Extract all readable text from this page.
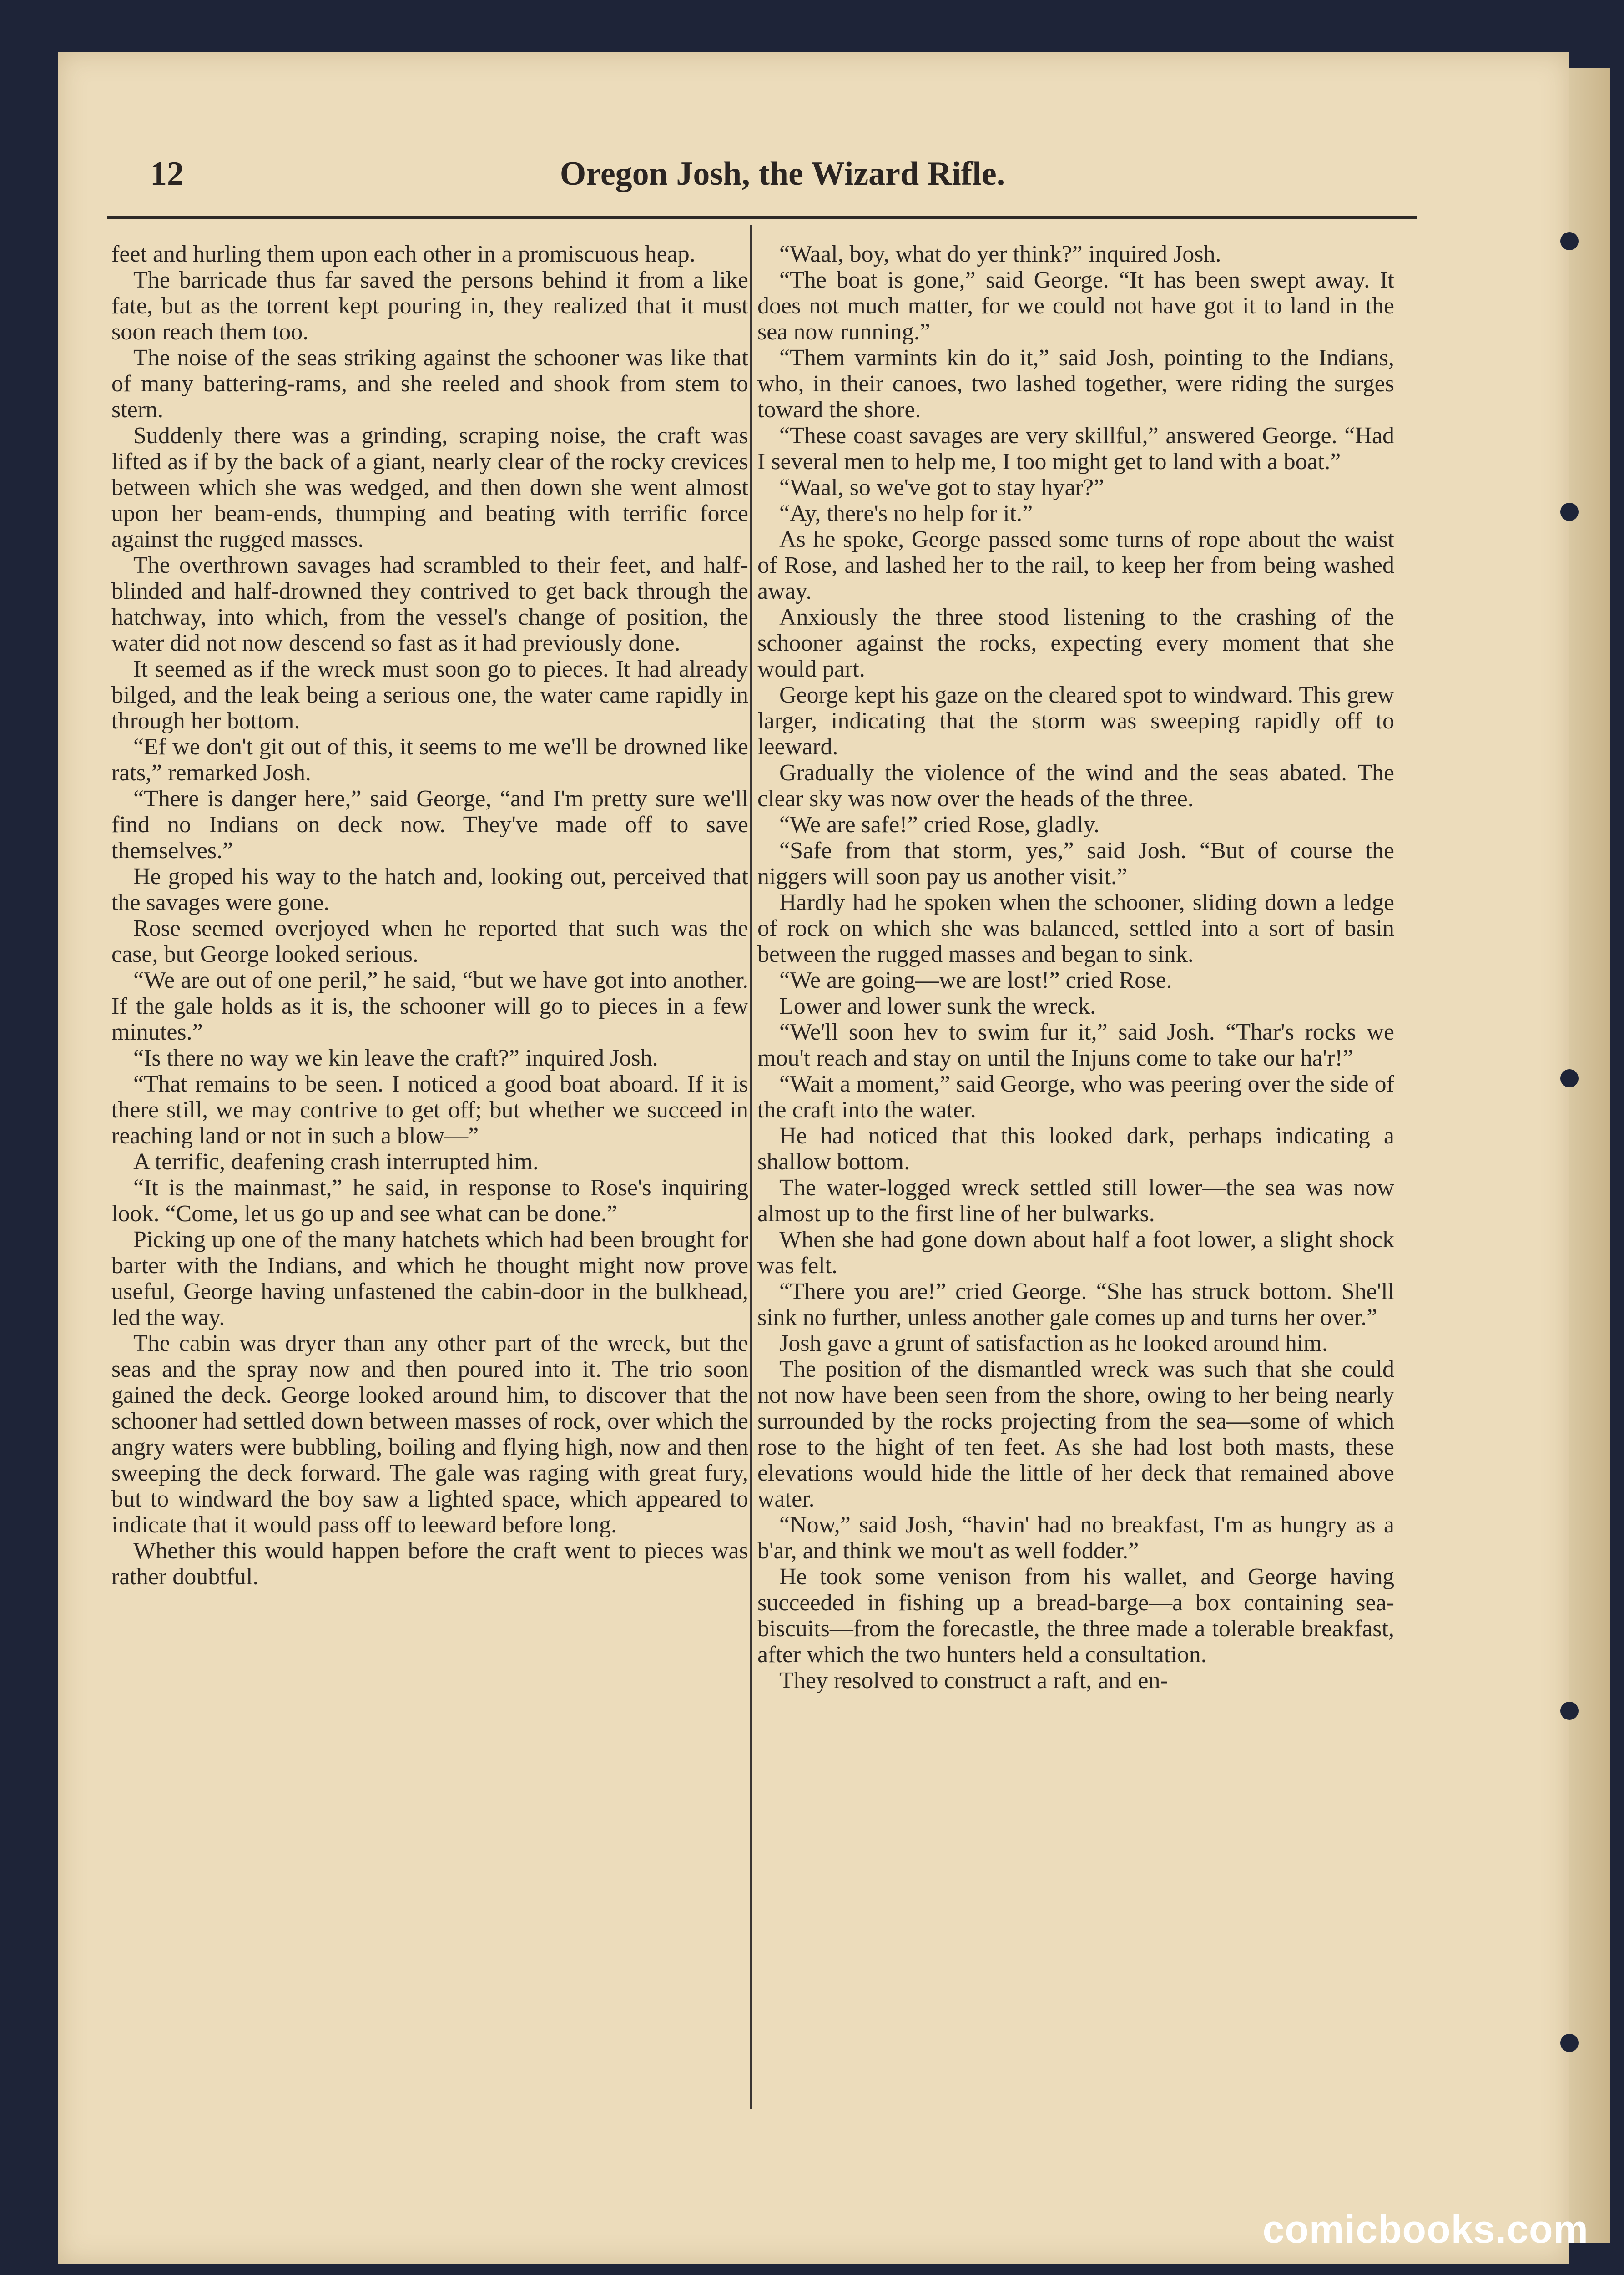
12	Oregon Josh, the Wizard Rifle.

feet and hurling them upon each other in a promiscuous heap.

The barricade thus far saved the persons behind it from a like fate, but as the torrent kept pouring in, they realized that it must soon reach them too.

The noise of the seas striking against the schooner was like that of many battering-rams, and she reeled and shook from stem to stern.

Suddenly there was a grinding, scraping noise, the craft was lifted as if by the back of a giant, nearly clear of the rocky crevices between which she was wedged, and then down she went almost upon her beam-ends, thumping and beating with terrific force against the rugged masses.

The overthrown savages had scrambled to their feet, and half-blinded and half-drowned they contrived to get back through the hatchway, into which, from the vessel's change of position, the water did not now descend so fast as it had previously done.

It seemed as if the wreck must soon go to pieces. It had already bilged, and the leak being a serious one, the water came rapidly in through her bottom.

“Ef we don't git out of this, it seems to me we'll be drowned like rats,” remarked Josh.

“There is danger here,” said George, “and I'm pretty sure we'll find no Indians on deck now. They've made off to save themselves.”

He groped his way to the hatch and, looking out, perceived that the savages were gone.

Rose seemed overjoyed when he reported that such was the case, but George looked serious.

“We are out of one peril,” he said, “but we have got into another. If the gale holds as it is, the schooner will go to pieces in a few minutes.”

“Is there no way we kin leave the craft?” inquired Josh.

“That remains to be seen. I noticed a good boat aboard. If it is there still, we may contrive to get off; but whether we succeed in reaching land or not in such a blow—”

A terrific, deafening crash interrupted him.

“It is the mainmast,” he said, in response to Rose's inquiring look. “Come, let us go up and see what can be done.”

Picking up one of the many hatchets which had been brought for barter with the Indians, and which he thought might now prove useful, George having unfastened the cabin-door in the bulkhead, led the way.

The cabin was dryer than any other part of the wreck, but the seas and the spray now and then poured into it. The trio soon gained the deck. George looked around him, to discover that the schooner had settled down between masses of rock, over which the angry waters were bubbling, boiling and flying high, now and then sweeping the deck forward. The gale was raging with great fury, but to windward the boy saw a lighted space, which appeared to indicate that it would pass off to leeward before long.

Whether this would happen before the craft went to pieces was rather doubtful.

“Waal, boy, what do yer think?” inquired Josh.

“The boat is gone,” said George. “It has been swept away. It does not much matter, for we could not have got it to land in the sea now running.”

“Them varmints kin do it,” said Josh, pointing to the Indians, who, in their canoes, two lashed together, were riding the surges toward the shore.

“These coast savages are very skillful,” answered George. “Had I several men to help me, I too might get to land with a boat.”

“Waal, so we've got to stay hyar?”

“Ay, there's no help for it.”

As he spoke, George passed some turns of rope about the waist of Rose, and lashed her to the rail, to keep her from being washed away.

Anxiously the three stood listening to the crashing of the schooner against the rocks, expecting every moment that she would part.

George kept his gaze on the cleared spot to windward. This grew larger, indicating that the storm was sweeping rapidly off to leeward.

Gradually the violence of the wind and the seas abated. The clear sky was now over the heads of the three.

“We are safe!” cried Rose, gladly.

“Safe from that storm, yes,” said Josh. “But of course the niggers will soon pay us another visit.”

Hardly had he spoken when the schooner, sliding down a ledge of rock on which she was balanced, settled into a sort of basin between the rugged masses and began to sink.

“We are going—we are lost!” cried Rose.

Lower and lower sunk the wreck.

“We'll soon hev to swim fur it,” said Josh. “Thar's rocks we mou't reach and stay on until the Injuns come to take our ha'r!”

“Wait a moment,” said George, who was peering over the side of the craft into the water.

He had noticed that this looked dark, perhaps indicating a shallow bottom.

The water-logged wreck settled still lower—the sea was now almost up to the first line of her bulwarks.

When she had gone down about half a foot lower, a slight shock was felt.

“There you are!” cried George. “She has struck bottom. She'll sink no further, unless another gale comes up and turns her over.”

Josh gave a grunt of satisfaction as he looked around him.

The position of the dismantled wreck was such that she could not now have been seen from the shore, owing to her being nearly surrounded by the rocks projecting from the sea—some of which rose to the hight of ten feet. As she had lost both masts, these elevations would hide the little of her deck that remained above water.

“Now,” said Josh, “havin' had no breakfast, I'm as hungry as a b'ar, and think we mou't as well fodder.”

He took some venison from his wallet, and George having succeeded in fishing up a bread-barge—a box containing sea-biscuits—from the forecastle, the three made a tolerable breakfast, after which the two hunters held a consultation.

They resolved to construct a raft, and en-

comicbooks.com
